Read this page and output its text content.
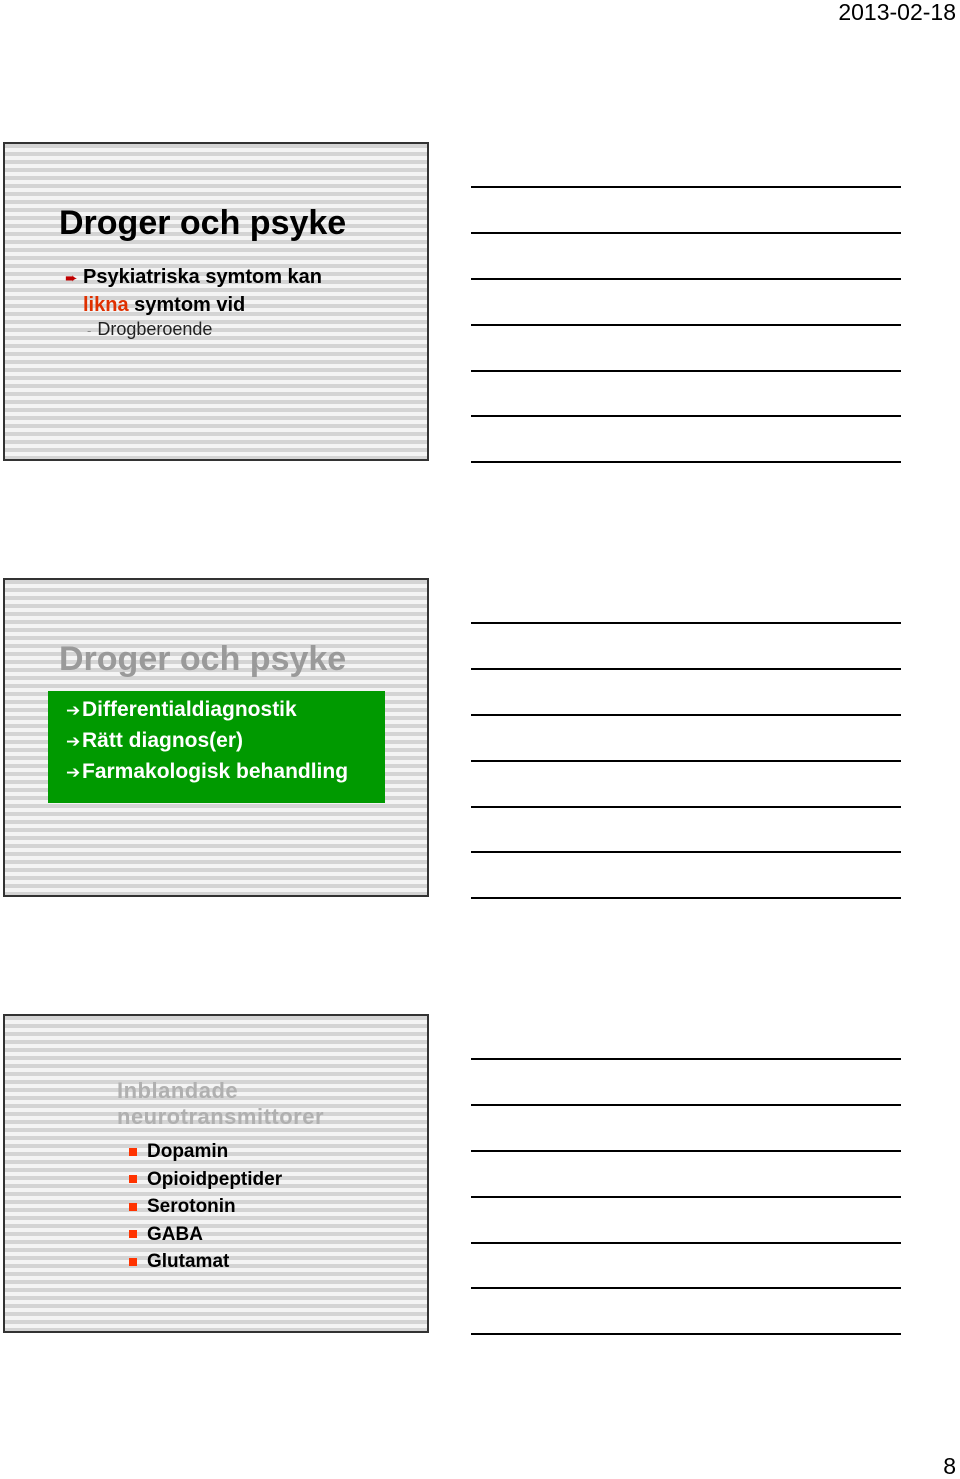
2013-02-18
Droger och psyke
➨ Psykiatriska symtom kan
likna symtom vid
- Drogberoende
Droger och psyke
➔Differentialdiagnostik
➔Rätt diagnos(er)
➔Farmakologisk behandling
Inblandade
neurotransmittorer
Dopamin
Opioidpeptider
Serotonin
GABA
Glutamat
8
